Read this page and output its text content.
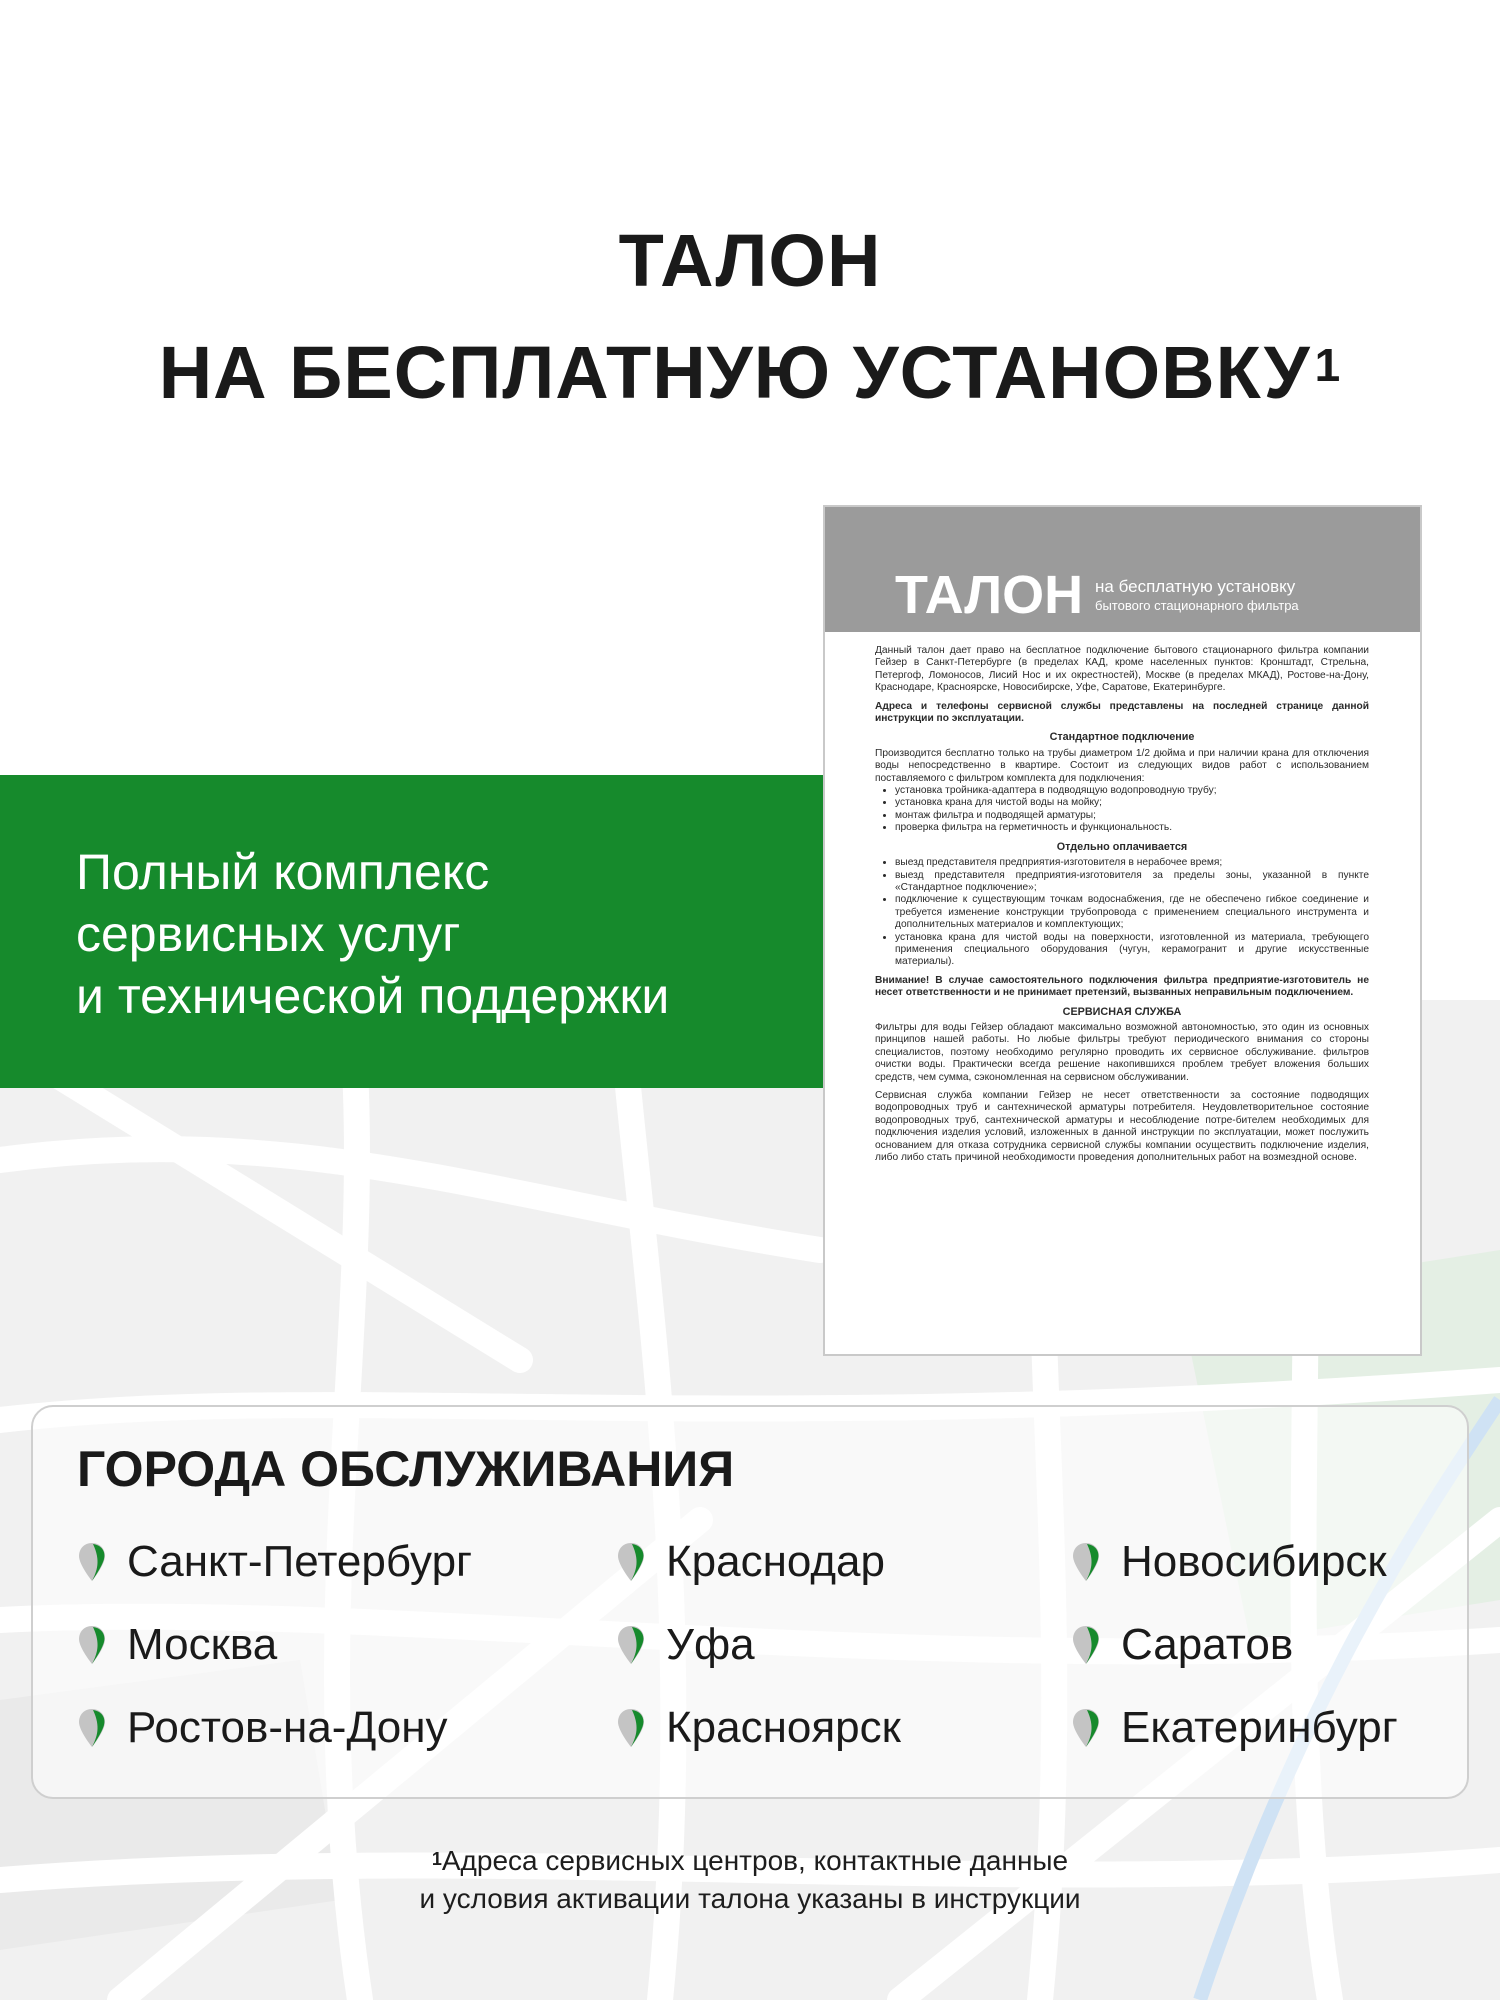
ТАЛОН
НА БЕСПЛАТНУЮ УСТАНОВКУ$^1$
Полный комплекс
сервисных услуг
и технической поддержки
ТАЛОН на бесплатную установку
бытового стационарного фильтра

Данный талон дает право на бесплатное подключение бытового стационарного фильтра компании Гейзер в Санкт-Петербурге (в пределах КАД, кроме населенных пунктов: Кронштадт, Стрельна, Петергоф, Ломоносов, Лисий Нос и их окрестностей), Москве (в пределах МКАД), Ростове-на-Дону, Краснодаре, Красноярске, Новосибирске, Уфе, Саратове, Екатеринбурге.

Адреса и телефоны сервисной службы представлены на последней странице данной инструкции по эксплуатации.

Стандартное подключение

Производится бесплатно только на трубы диаметром 1/2 дюйма и при наличии крана для отключения воды непосредственно в квартире. Состоит из следующих видов работ с использованием поставляемого с фильтром комплекта для подключения:

• установка тройника-адаптера в подводящую водопроводную трубу;
• установка крана для чистой воды на мойку;
• монтаж фильтра и подводящей арматуры;
• проверка фильтра на герметичность и функциональность.
Отдельно оплачивается
• выезд представителя предприятия-изготовителя в нерабочее время;
• выезд представителя предприятия-изготовителя за пределы зоны, указанной в пункте «Стандартное подключение»;
• подключение к существующим точкам водоснабжения, где не обеспечено гибкое соединение и требуется изменение конструкции трубопровода с применением специального инструмента и дополнительных материалов и комплектующих;
• установка крана для чистой воды на поверхности, изготовленной из материала, требующего применения специального оборудования (чугун, керамогранит и другие искусственные материалы).

Внимание! В случае самостоятельного подключения фильтра предприятие-изготовитель не несет ответственности и не принимает претензий, вызванных неправильным подключением.

СЕРВИСНАЯ СЛУЖБА

Фильтры для воды Гейзер обладают максимально возможной автономностью, это один из основных принципов нашей работы. Но любые фильтры требуют периодического внимания со стороны специалистов, поэтому необходимо регулярно проводить их сервисное обслуживание. фильтров очистки воды. Практически всегда решение накопившихся проблем требует вложения больших средств, чем сумма, сэкономленная на сервисном обслуживании.

Сервисная служба компании Гейзер не несет ответственности за состояние подводящих водопроводных труб и сантехнической арматуры потребителя. Неудовлетворительное состояние водопроводных труб, сантехнической арматуры и несоблюдение потре-бителем необходимых для подключения изделия условий, изложенных в данной инструкции по эксплуатации, может послужить основанием для отказа сотрудника сервисной службы компании осуществить подключение изделия, либо либо стать причиной необходимости проведения дополнительных работ на возмездной основе.

ГОРОДА ОБСЛУЖИВАНИЯ
Санкт-Петербург
Москва
Ростов-на-Дону
Краснодар
Уфа
Красноярск
Новосибирск
Саратов
Екатеринбург
$^1$Адреса сервисных центров, контактные данные
и условия активации талона указаны в инструкции
